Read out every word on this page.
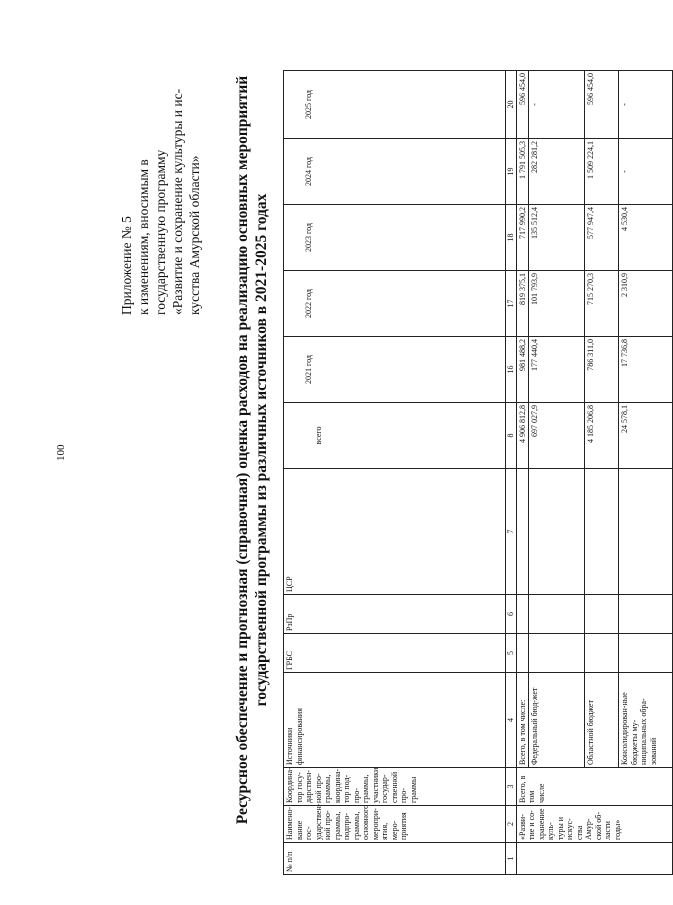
100
Приложение № 5 к изменениям, вносимым в государственную программу «Развитие и сохранение культуры и ис- кусства Амурской области» Ресурсное обеспечение и прогнозная (справочная) оценка расходов на реализацию основных мероприятий государственной программы из различных источников в 2021-2025 годах
№ п/п	Наимено-вание гос-ударствен-ной про-граммы, подпро-граммы, основного меропри-ятия, меро-приятия	Координа-тор госу-дарствен-ной про-граммы, координа-тор под-про-граммы, участники государ-ственной про-граммы	Источники финансирования	ГРБС	РзПр	ЦСР	всего	2021 год	2022 год	2023 год	2024 год	2025 год
1	2	3	4	5	6	7	8	16	17	18	19	20
	«Разви-тие и со-хранение куль-туры и искус-ства Амур-ской об-ласти годы»	Всего, в том числе	Всего, в том числе:				4 906 812,8	981 488,2	819 375,1	717 990,2	1 791 505,3	596 454,0
			Федеральный бюд-жет				697 027,9	177 440,4	101 793,9	135 512,4	282 281,2	-
			Областной бюджет				4 185 206,8	786 311,0	715 270,3	577 947,4	1 509 224,1	596 454,0
			Консолидирован-ные бюджеты му-ниципальных обра-зований				24 578,1	17 736,8	2 310,9	4 530,4	-	-
